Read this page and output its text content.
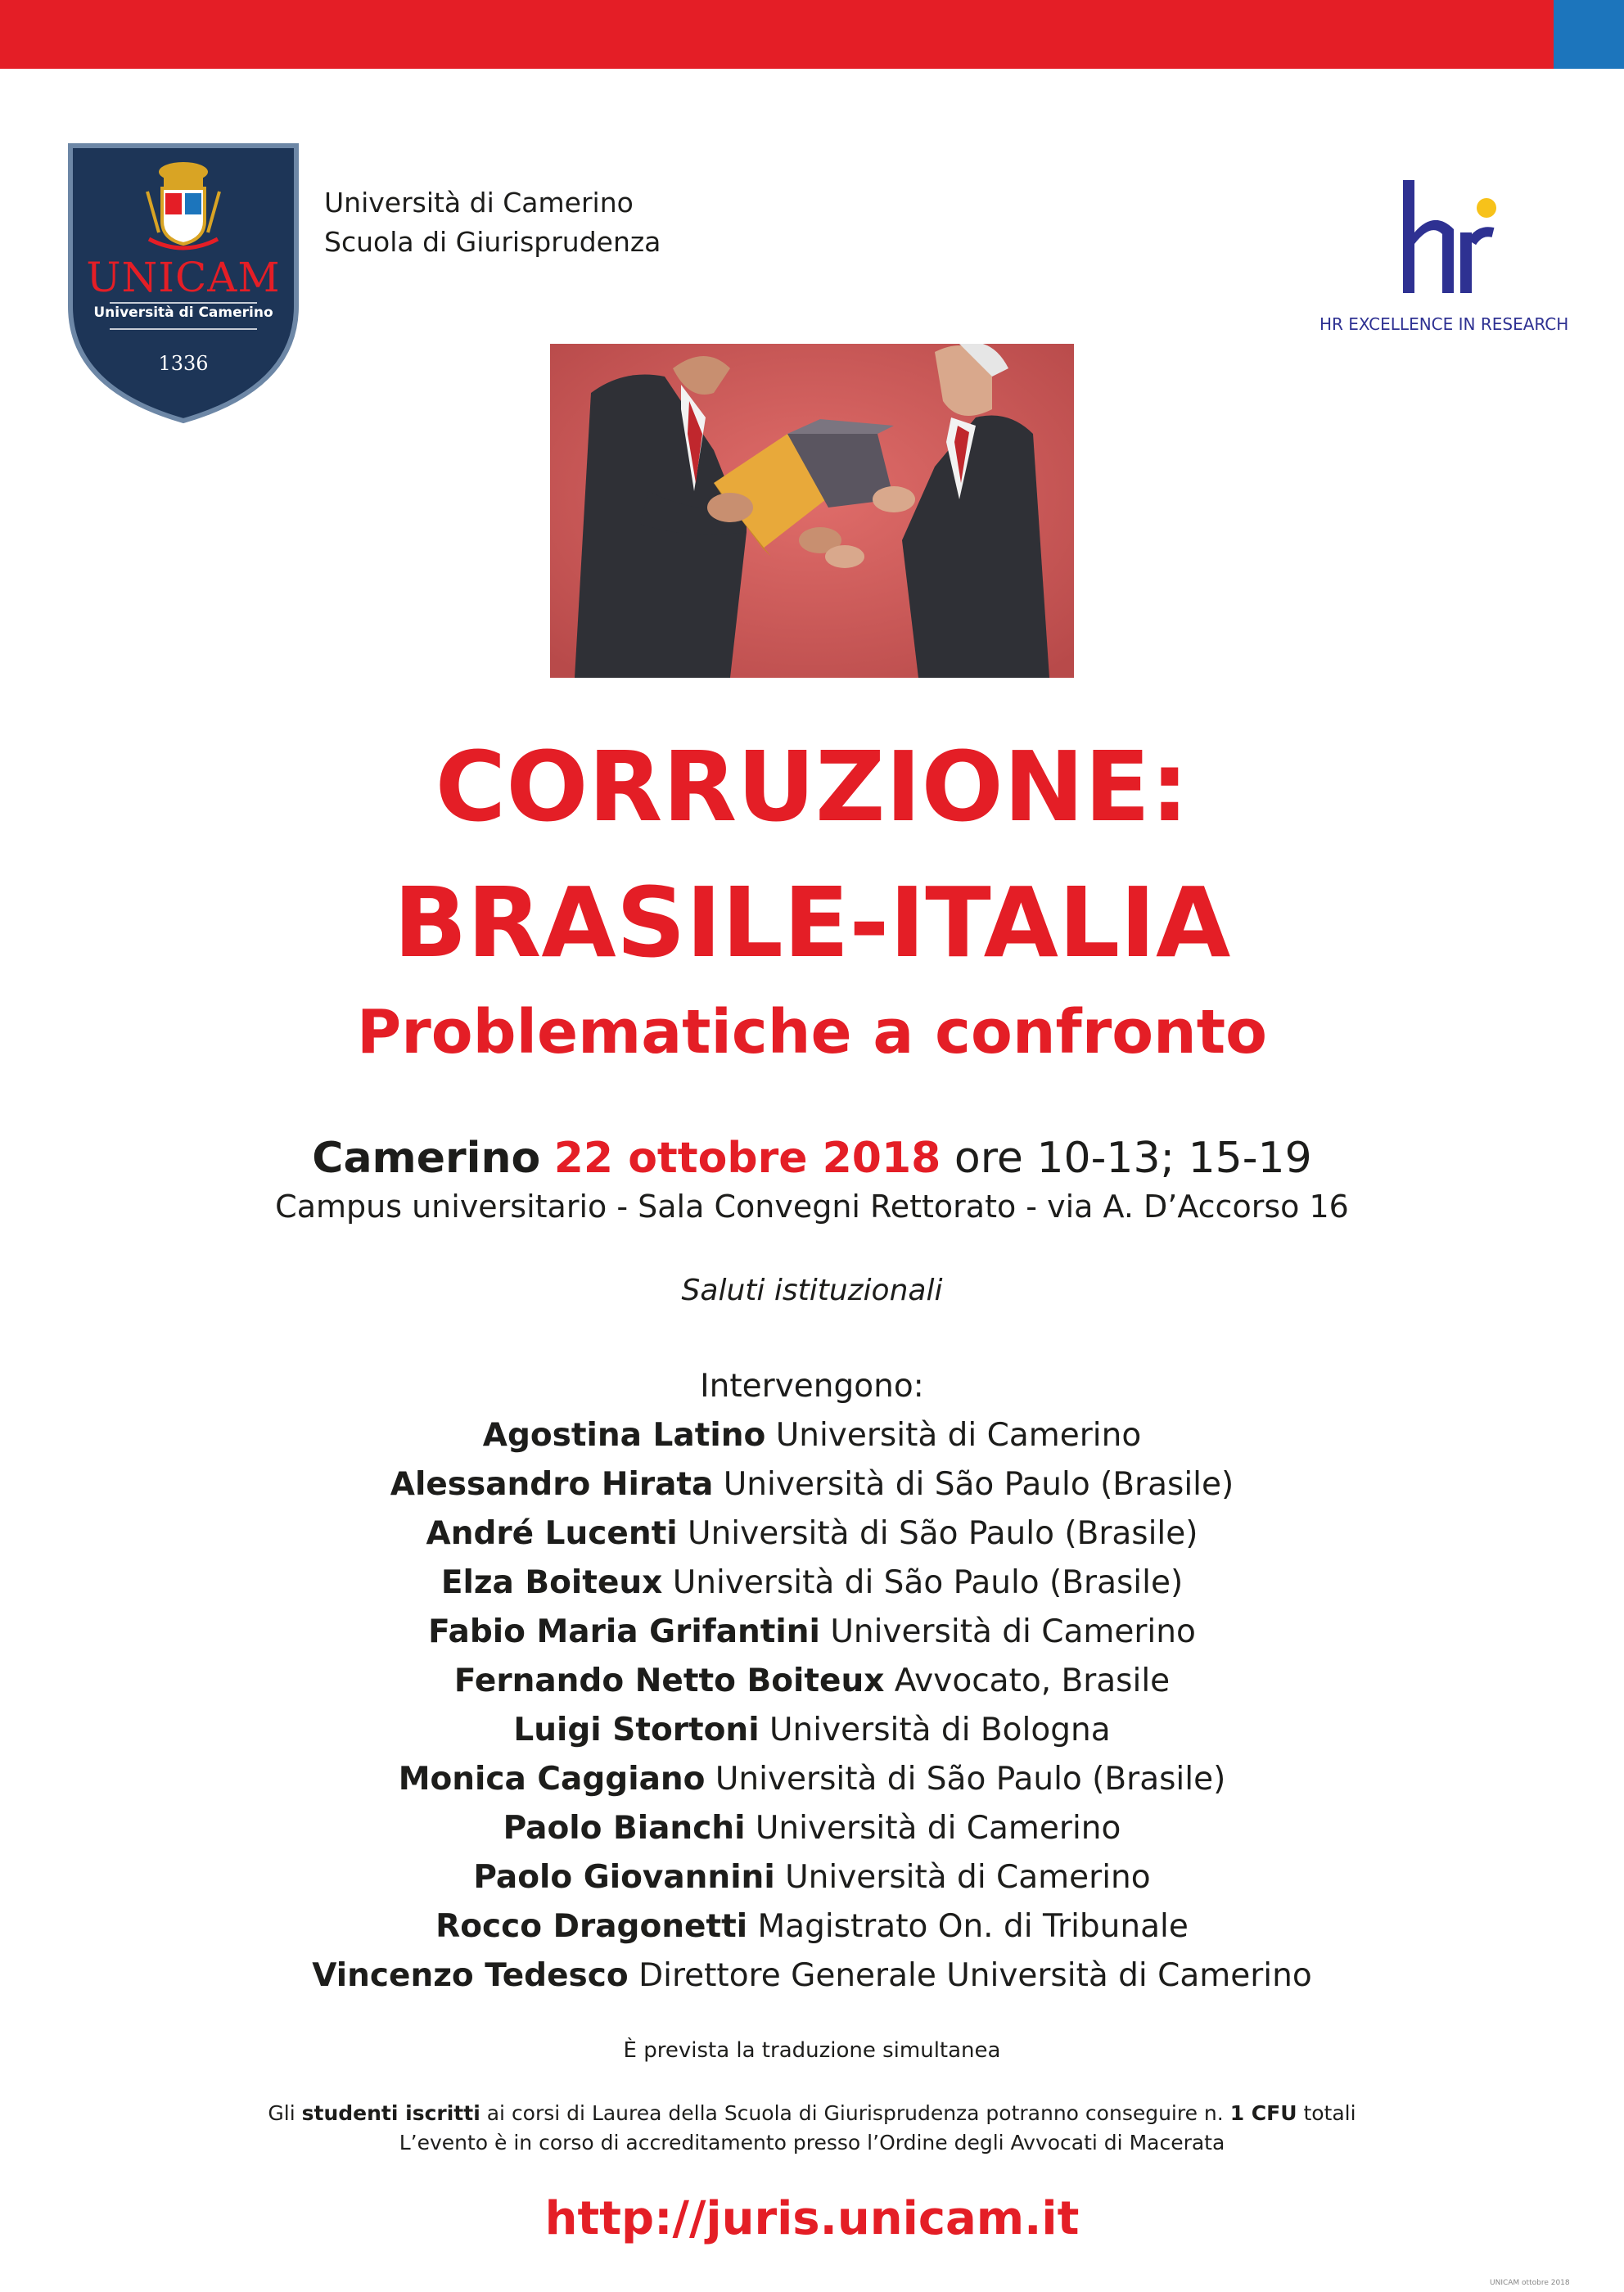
UNICAM
Università di Camerino
1336
Università di Camerino
Scuola di Giurisprudenza
HR EXCELLENCE IN RESEARCH
CORRUZIONE:
BRASILE-ITALIA
Problematiche a confronto
Camerino 22 ottobre 2018 ore 10-13; 15-19
Campus universitario - Sala Convegni Rettorato - via A. D’Accorso 16
Saluti istituzionali
Intervengono:
Agostina Latino Università di Camerino
Alessandro Hirata Università di São Paulo (Brasile)
André Lucenti Università di São Paulo (Brasile)
Elza Boiteux Università di São Paulo (Brasile)
Fabio Maria Grifantini Università di Camerino
Fernando Netto Boiteux Avvocato, Brasile
Luigi Stortoni Università di Bologna
Monica Caggiano Università di São Paulo (Brasile)
Paolo Bianchi Università di Camerino
Paolo Giovannini Università di Camerino
Rocco Dragonetti Magistrato On. di Tribunale
Vincenzo Tedesco Direttore Generale Università di Camerino
È prevista la traduzione simultanea
Gli studenti iscritti ai corsi di Laurea della Scuola di Giurisprudenza potranno conseguire n. 1 CFU totali
L’evento è in corso di accreditamento presso l’Ordine degli Avvocati di Macerata
http://juris.unicam.it
UNICAM ottobre 2018
